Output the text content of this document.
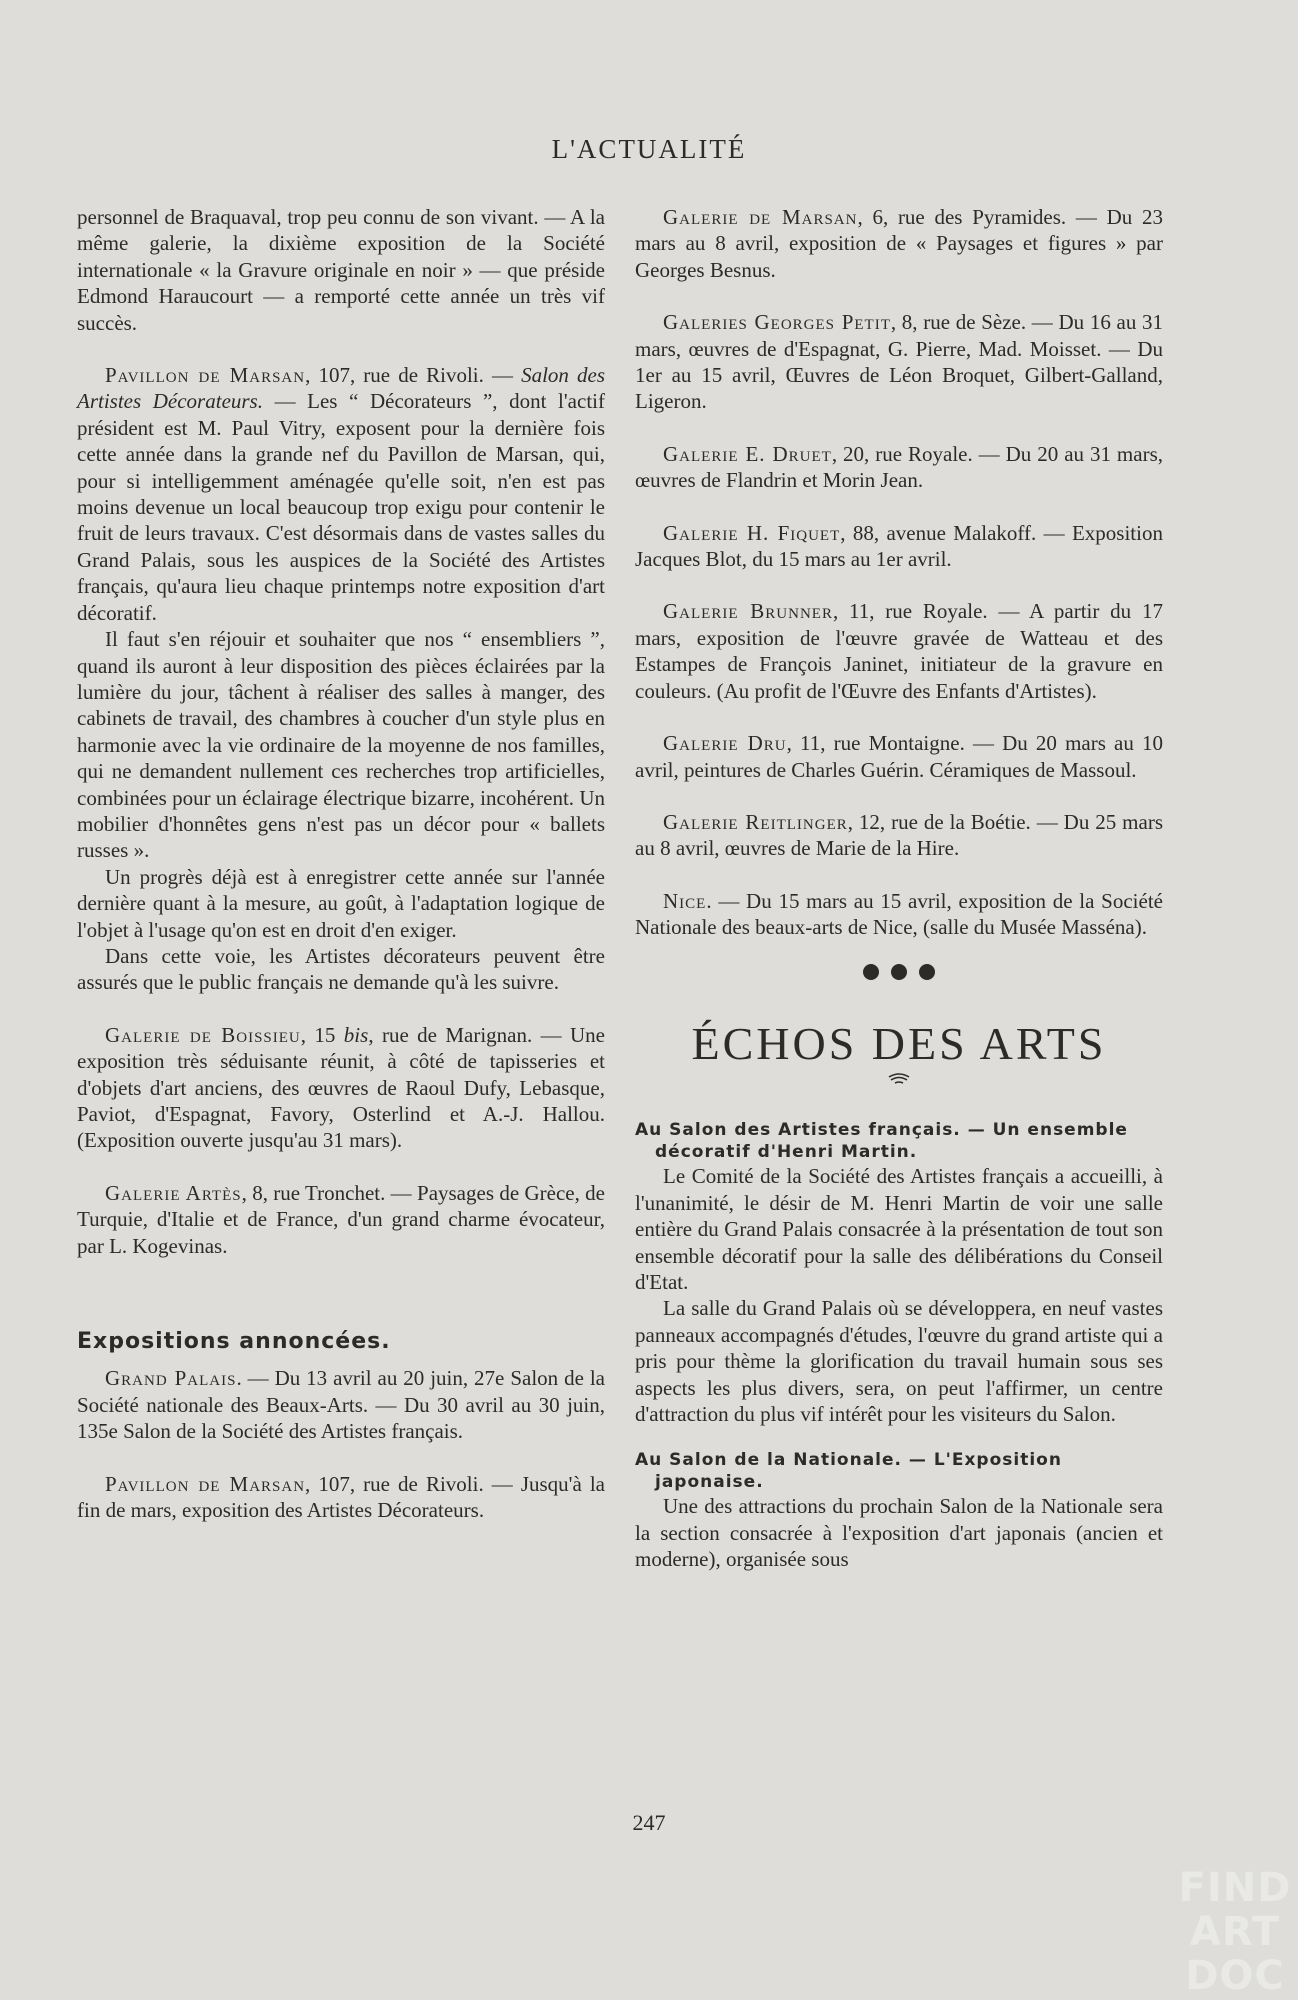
L'ACTUALITÉ

personnel de Braquaval, trop peu connu de son vivant. — A la même galerie, la dixième exposition de la Société internationale « la Gravure originale en noir » — que préside Edmond Haraucourt — a remporté cette année un très vif succès.

Pavillon de Marsan, 107, rue de Rivoli. — Salon des Artistes Décorateurs. — Les “ Décorateurs ”, dont l'actif président est M. Paul Vitry, exposent pour la dernière fois cette année dans la grande nef du Pavillon de Marsan, qui, pour si intelligemment aménagée qu'elle soit, n'en est pas moins devenue un local beaucoup trop exigu pour contenir le fruit de leurs travaux. C'est désormais dans de vastes salles du Grand Palais, sous les auspices de la Société des Artistes français, qu'aura lieu chaque printemps notre exposition d'art décoratif.

Il faut s'en réjouir et souhaiter que nos “ ensembliers ”, quand ils auront à leur disposition des pièces éclairées par la lumière du jour, tâchent à réaliser des salles à manger, des cabinets de travail, des chambres à coucher d'un style plus en harmonie avec la vie ordinaire de la moyenne de nos familles, qui ne demandent nullement ces recherches trop artificielles, combinées pour un éclairage électrique bizarre, incohérent. Un mobilier d'honnêtes gens n'est pas un décor pour « ballets russes ».

Un progrès déjà est à enregistrer cette année sur l'année dernière quant à la mesure, au goût, à l'adaptation logique de l'objet à l'usage qu'on est en droit d'en exiger.

Dans cette voie, les Artistes décorateurs peuvent être assurés que le public français ne demande qu'à les suivre.

Galerie de Boissieu, 15 bis, rue de Marignan. — Une exposition très séduisante réunit, à côté de tapisseries et d'objets d'art anciens, des œuvres de Raoul Dufy, Lebasque, Paviot, d'Espagnat, Favory, Osterlind et A.-J. Hallou. (Exposition ouverte jusqu'au 31 mars).

Galerie Artès, 8, rue Tronchet. — Paysages de Grèce, de Turquie, d'Italie et de France, d'un grand charme évocateur, par L. Kogevinas.

Expositions annoncées.

Grand Palais. — Du 13 avril au 20 juin, 27e Salon de la Société nationale des Beaux-Arts. — Du 30 avril au 30 juin, 135e Salon de la Société des Artistes français.

Pavillon de Marsan, 107, rue de Rivoli. — Jusqu'à la fin de mars, exposition des Artistes Décorateurs.

Galerie de Marsan, 6, rue des Pyramides. — Du 23 mars au 8 avril, exposition de « Paysages et figures » par Georges Besnus.

Galeries Georges Petit, 8, rue de Sèze. — Du 16 au 31 mars, œuvres de d'Espagnat, G. Pierre, Mad. Moisset. — Du 1er au 15 avril, Œuvres de Léon Broquet, Gilbert-Galland, Ligeron.

Galerie E. Druet, 20, rue Royale. — Du 20 au 31 mars, œuvres de Flandrin et Morin Jean.

Galerie H. Fiquet, 88, avenue Malakoff. — Exposition Jacques Blot, du 15 mars au 1er avril.

Galerie Brunner, 11, rue Royale. — A partir du 17 mars, exposition de l'œuvre gravée de Watteau et des Estampes de François Janinet, initiateur de la gravure en couleurs. (Au profit de l'Œuvre des Enfants d'Artistes).

Galerie Dru, 11, rue Montaigne. — Du 20 mars au 10 avril, peintures de Charles Guérin. Céramiques de Massoul.

Galerie Reitlinger, 12, rue de la Boétie. — Du 25 mars au 8 avril, œuvres de Marie de la Hire.

Nice. — Du 15 mars au 15 avril, exposition de la Société Nationale des beaux-arts de Nice, (salle du Musée Masséna).

ÉCHOS DES ARTS
Au Salon des Artistes français. — Un ensemble décoratif d'Henri Martin.

Le Comité de la Société des Artistes français a accueilli, à l'unanimité, le désir de M. Henri Martin de voir une salle entière du Grand Palais consacrée à la présentation de tout son ensemble décoratif pour la salle des délibérations du Conseil d'Etat.

La salle du Grand Palais où se développera, en neuf vastes panneaux accompagnés d'études, l'œuvre du grand artiste qui a pris pour thème la glorification du travail humain sous ses aspects les plus divers, sera, on peut l'affirmer, un centre d'attraction du plus vif intérêt pour les visiteurs du Salon.

Au Salon de la Nationale. — L'Exposition japonaise.

Une des attractions du prochain Salon de la Nationale sera la section consacrée à l'exposition d'art japonais (ancien et moderne), organisée sous

247
FIND ART DOC
